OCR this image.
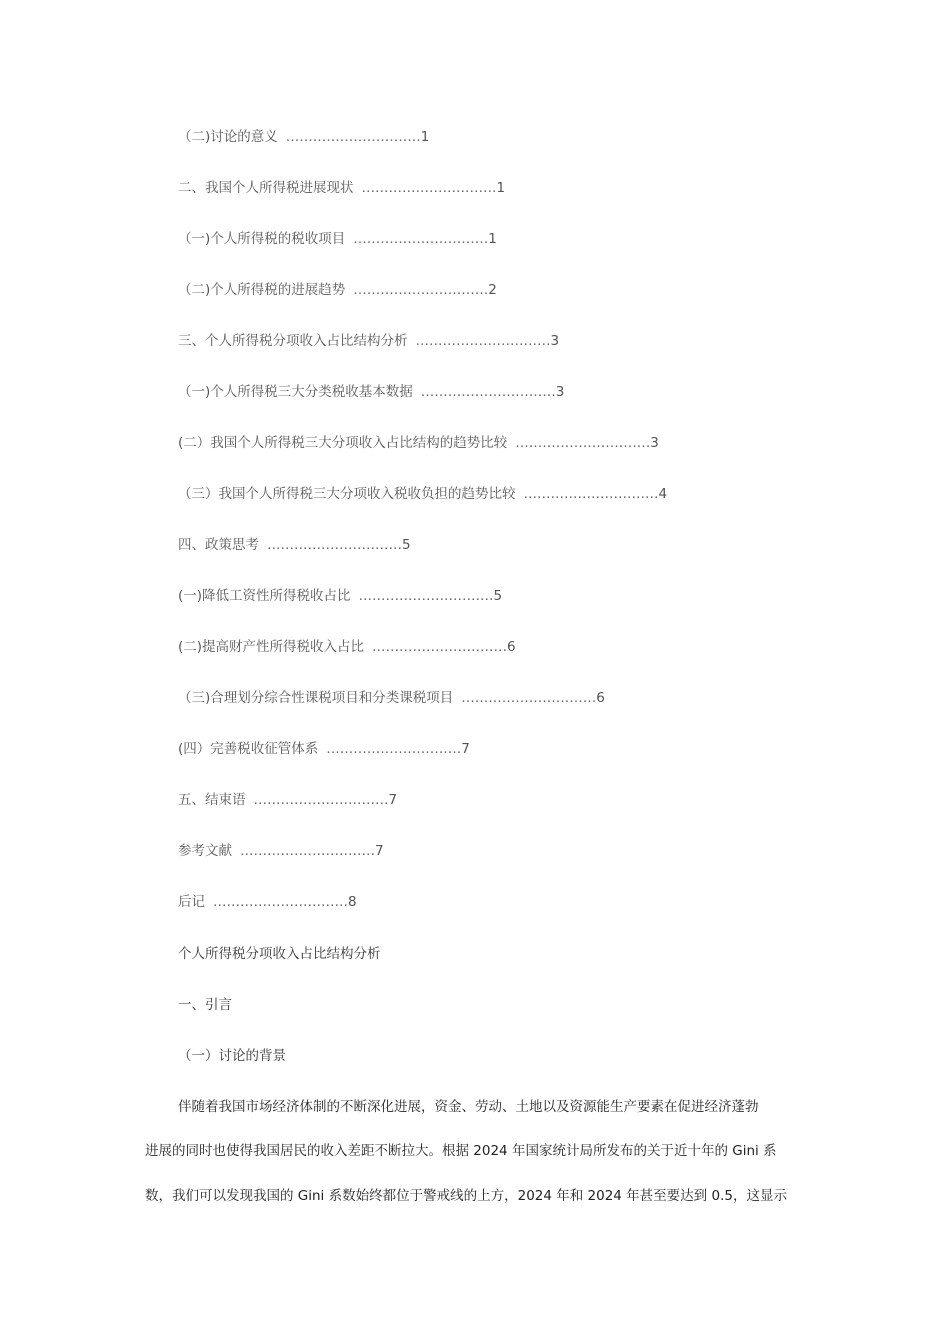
（二)讨论的意义 …………………………1
二、我国个人所得税进展现状 …………………………1
（一)个人所得税的税收项目 …………………………1
（二)个人所得税的进展趋势 …………………………2
三、个人所得税分项收入占比结构分析 …………………………3
（一)个人所得税三大分类税收基本数据 …………………………3
(二）我国个人所得税三大分项收入占比结构的趋势比较 …………………………3
（三）我国个人所得税三大分项收入税收负担的趋势比较 …………………………4
四、政策思考 …………………………5
(一)降低工资性所得税收占比 …………………………5
(二)提高财产性所得税收入占比 …………………………6
（三)合理划分综合性课税项目和分类课税项目 …………………………6
(四）完善税收征管体系 …………………………7
五、结束语 …………………………7
参考文献 …………………………7
后记 …………………………8
个人所得税分项收入占比结构分析
一、引言
（一）讨论的背景
伴随着我国市场经济体制的不断深化进展，资金、劳动、土地以及资源能生产要素在促进经济蓬勃
进展的同时也使得我国居民的收入差距不断拉大。根据 2024 年国家统计局所发布的关于近十年的 Gini 系
数，我们可以发现我国的 Gini 系数始终都位于警戒线的上方，2024 年和 2024 年甚至要达到 0.5，这显示
